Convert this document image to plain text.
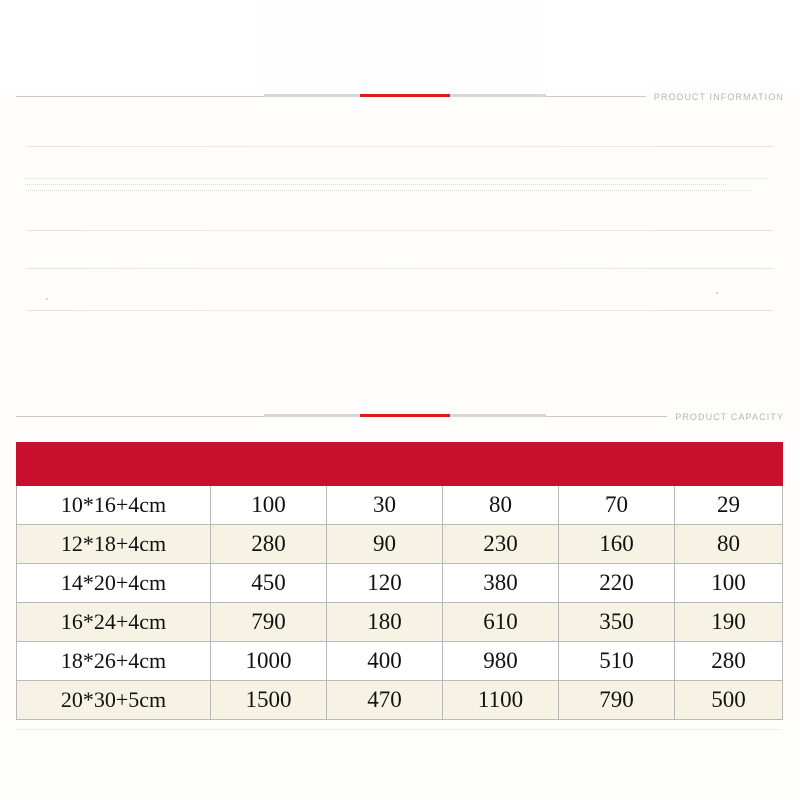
PRODUCT INFORMATION
PRODUCT CAPACITY

10*16+4cm	100	30	80	70	29
12*18+4cm	280	90	230	160	80
14*20+4cm	450	120	380	220	100
16*24+4cm	790	180	610	350	190
18*26+4cm	1000	400	980	510	280
20*30+5cm	1500	470	1100	790	500
